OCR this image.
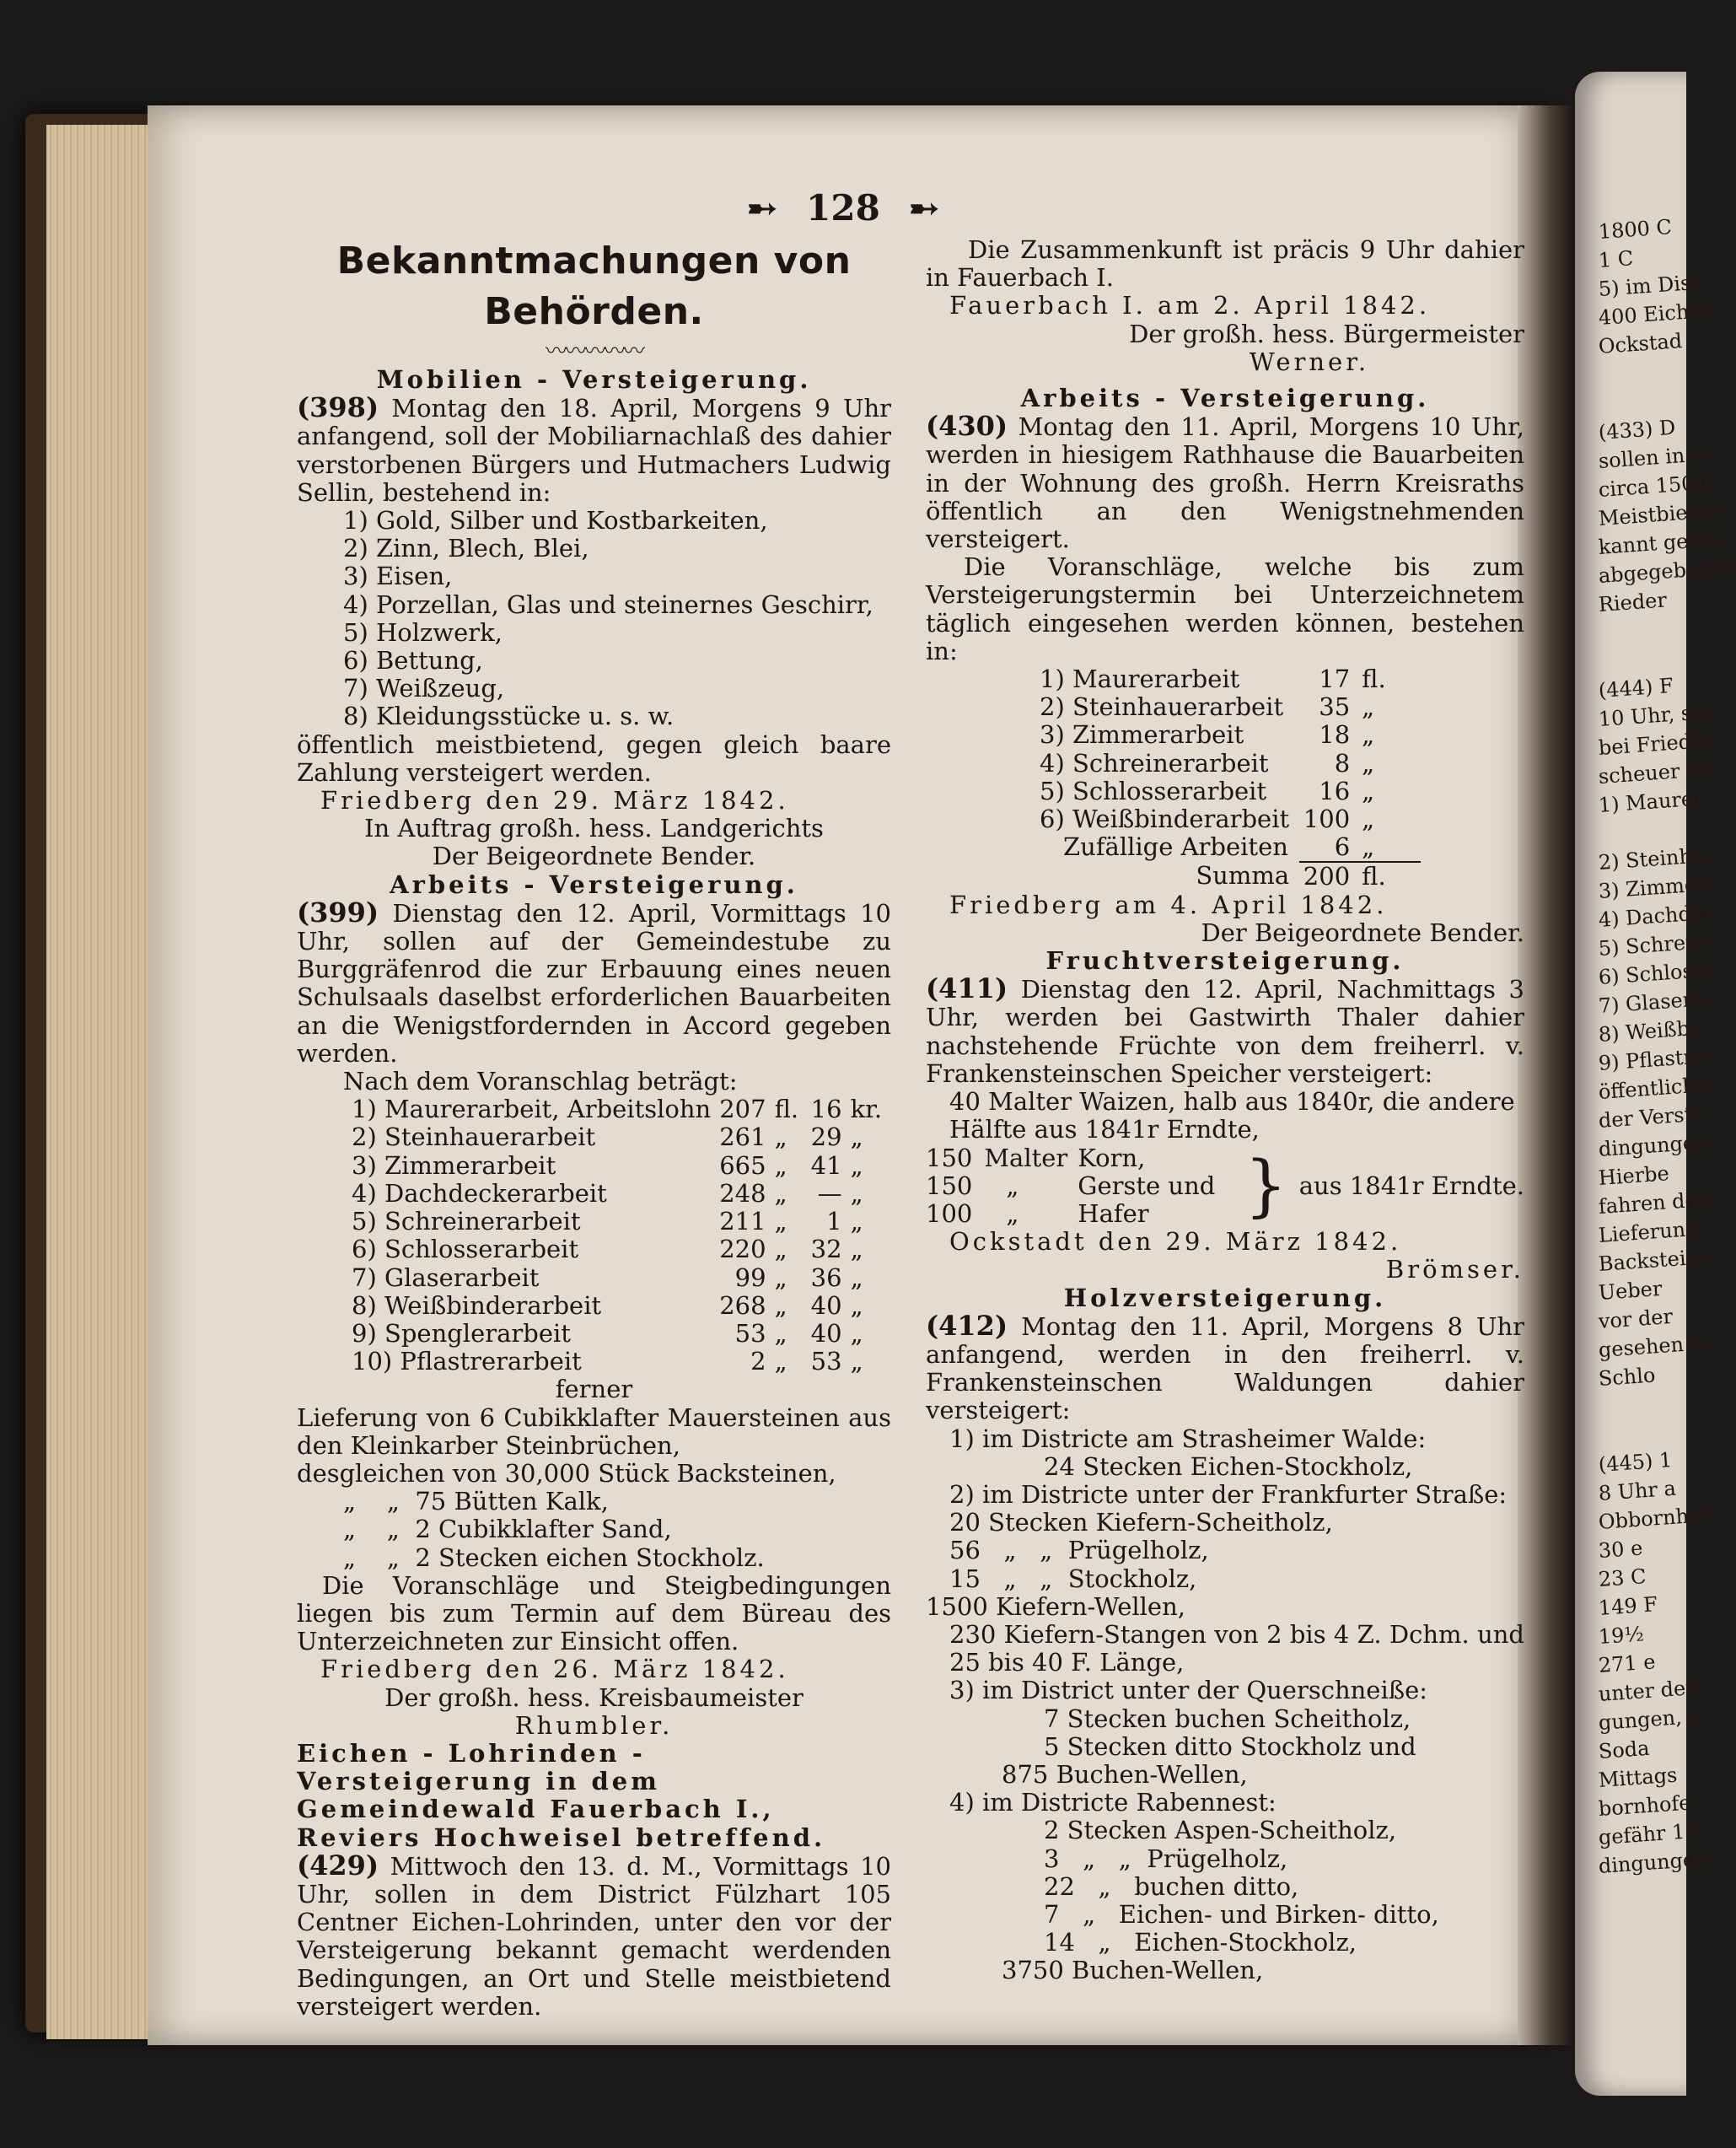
1800 C
1 C
5) im Dist
400 Eichen
Ockstad

(433) D
sollen in d
circa 150 C
Meistbieten
kannt gema
abgegeben w
Rieder

(444) F
10 Uhr, sol
bei Friedbe
scheuer zu
1) Maurer

2) Steinha
3) Zimmer
4) Dachdec
5) Schrein
6) Schlosse
7) Glasera
8) Weißbi
9) Pflastre
öffentlich a
der Verste
dingungen
Hierbe
fahren der
Lieferung
Backsteine
Ueber
vor der
gesehen w
Schlo

(445) 1
8 Uhr a
Obbornhof
30 e
23 C
149 F
19½
271 e
unter den
gungen, n
Soda
Mittags
bornhofe
gefähr 11
dingungen
➸ 128 ➸

Bekanntmachungen von Behörden.

〰〰〰〰〰

Mobilien - Versteigerung.

(398) Montag den 18. April, Morgens 9 Uhr anfangend, soll der Mobiliarnachlaß des dahier verstorbenen Bürgers und Hutmachers Ludwig Sellin, bestehend in:

1) Gold, Silber und Kostbarkeiten,

2) Zinn, Blech, Blei,

3) Eisen,

4) Porzellan, Glas und steinernes Geschirr,

5) Holzwerk,

6) Bettung,

7) Weißzeug,

8) Kleidungsstücke u. s. w.

öffentlich meistbietend, gegen gleich baare Zahlung versteigert werden.

Friedberg den 29. März 1842.

In Auftrag großh. hess. Landgerichts

Der Beigeordnete Bender.

Arbeits - Versteigerung.

(399) Dienstag den 12. April, Vormittags 10 Uhr, sollen auf der Gemeindestube zu Burggräfenrod die zur Erbauung eines neuen Schulsaals daselbst erforderlichen Bauarbeiten an die Wenigstfordernden in Accord gegeben werden.

Nach dem Voranschlag beträgt:

1) Maurerarbeit, Arbeitslohn	207	fl.	16	kr.
2) Steinhauerarbeit	261	„	29	„
3) Zimmerarbeit	665	„	41	„
4) Dachdeckerarbeit	248	„	—	„
5) Schreinerarbeit	211	„	1	„
6) Schlosserarbeit	220	„	32	„
7) Glaserarbeit	99	„	36	„
8) Weißbinderarbeit	268	„	40	„
9) Spenglerarbeit	53	„	40	„
10) Pflastrerarbeit	2	„	53	„

ferner

Lieferung von 6 Cubikklafter Mauersteinen aus den Kleinkarber Steinbrüchen,

desgleichen von 30,000 Stück Backsteinen,

„    „  75 Bütten Kalk,

„    „  2 Cubikklafter Sand,

„    „  2 Stecken eichen Stockholz.

Die Voranschläge und Steigbedingungen liegen bis zum Termin auf dem Büreau des Unterzeichneten zur Einsicht offen.

Friedberg den 26. März 1842.

Der großh. hess. Kreisbaumeister

Rhumbler.

Eichen - Lohrinden - Versteigerung in dem Gemeindewald Fauerbach I., Reviers Hochweisel betreffend.

(429) Mittwoch den 13. d. M., Vormittags 10 Uhr, sollen in dem District Fülzhart 105 Centner Eichen-Lohrinden, unter den vor der Versteigerung bekannt gemacht werdenden Bedingungen, an Ort und Stelle meistbietend versteigert werden.

Die Zusammenkunft ist präcis 9 Uhr dahier in Fauerbach I.

Fauerbach I. am 2. April 1842.

Der großh. hess. Bürgermeister

Werner.

Arbeits - Versteigerung.

(430) Montag den 11. April, Morgens 10 Uhr, werden in hiesigem Rathhause die Bauarbeiten in der Wohnung des großh. Herrn Kreisraths öffentlich an den Wenigstnehmenden versteigert.

Die Voranschläge, welche bis zum Versteigerungstermin bei Unterzeichnetem täglich eingesehen werden können, bestehen in:

1) Maurerarbeit	17	fl.
2) Steinhauerarbeit	35	„
3) Zimmerarbeit	18	„
4) Schreinerarbeit	8	„
5) Schlosserarbeit	16	„
6) Weißbinderarbeit	100	„
Zufällige Arbeiten	6	„
Summa	200	fl.

Friedberg am 4. April 1842.

Der Beigeordnete Bender.

Fruchtversteigerung.

(411) Dienstag den 12. April, Nachmittags 3 Uhr, werden bei Gastwirth Thaler dahier nachstehende Früchte von dem freiherrl. v. Frankensteinschen Speicher versteigert:

40 Malter Waizen, halb aus 1840r, die andere Hälfte aus 1841r Erndte,

150	Malter	Korn,	}	aus 1841r Erndte.
150	„	Gerste und		
100	„	Hafer		

Ockstadt den 29. März 1842.

Brömser.

Holzversteigerung.

(412) Montag den 11. April, Morgens 8 Uhr anfangend, werden in den freiherrl. v. Frankensteinschen Waldungen dahier versteigert:

1) im Districte am Strasheimer Walde:

24 Stecken Eichen-Stockholz,

2) im Districte unter der Frankfurter Straße:

20 Stecken Kiefern-Scheitholz,

56   „   „  Prügelholz,

15   „   „  Stockholz,

1500 Kiefern-Wellen,

230 Kiefern-Stangen von 2 bis 4 Z. Dchm. und 25 bis 40 F. Länge,

3) im District unter der Querschneiße:

7 Stecken buchen Scheitholz,

5 Stecken ditto Stockholz und

875 Buchen-Wellen,

4) im Districte Rabennest:

2 Stecken Aspen-Scheitholz,

3   „   „  Prügelholz,

22   „   buchen ditto,

7   „   Eichen- und Birken- ditto,

14   „   Eichen-Stockholz,

3750 Buchen-Wellen,
